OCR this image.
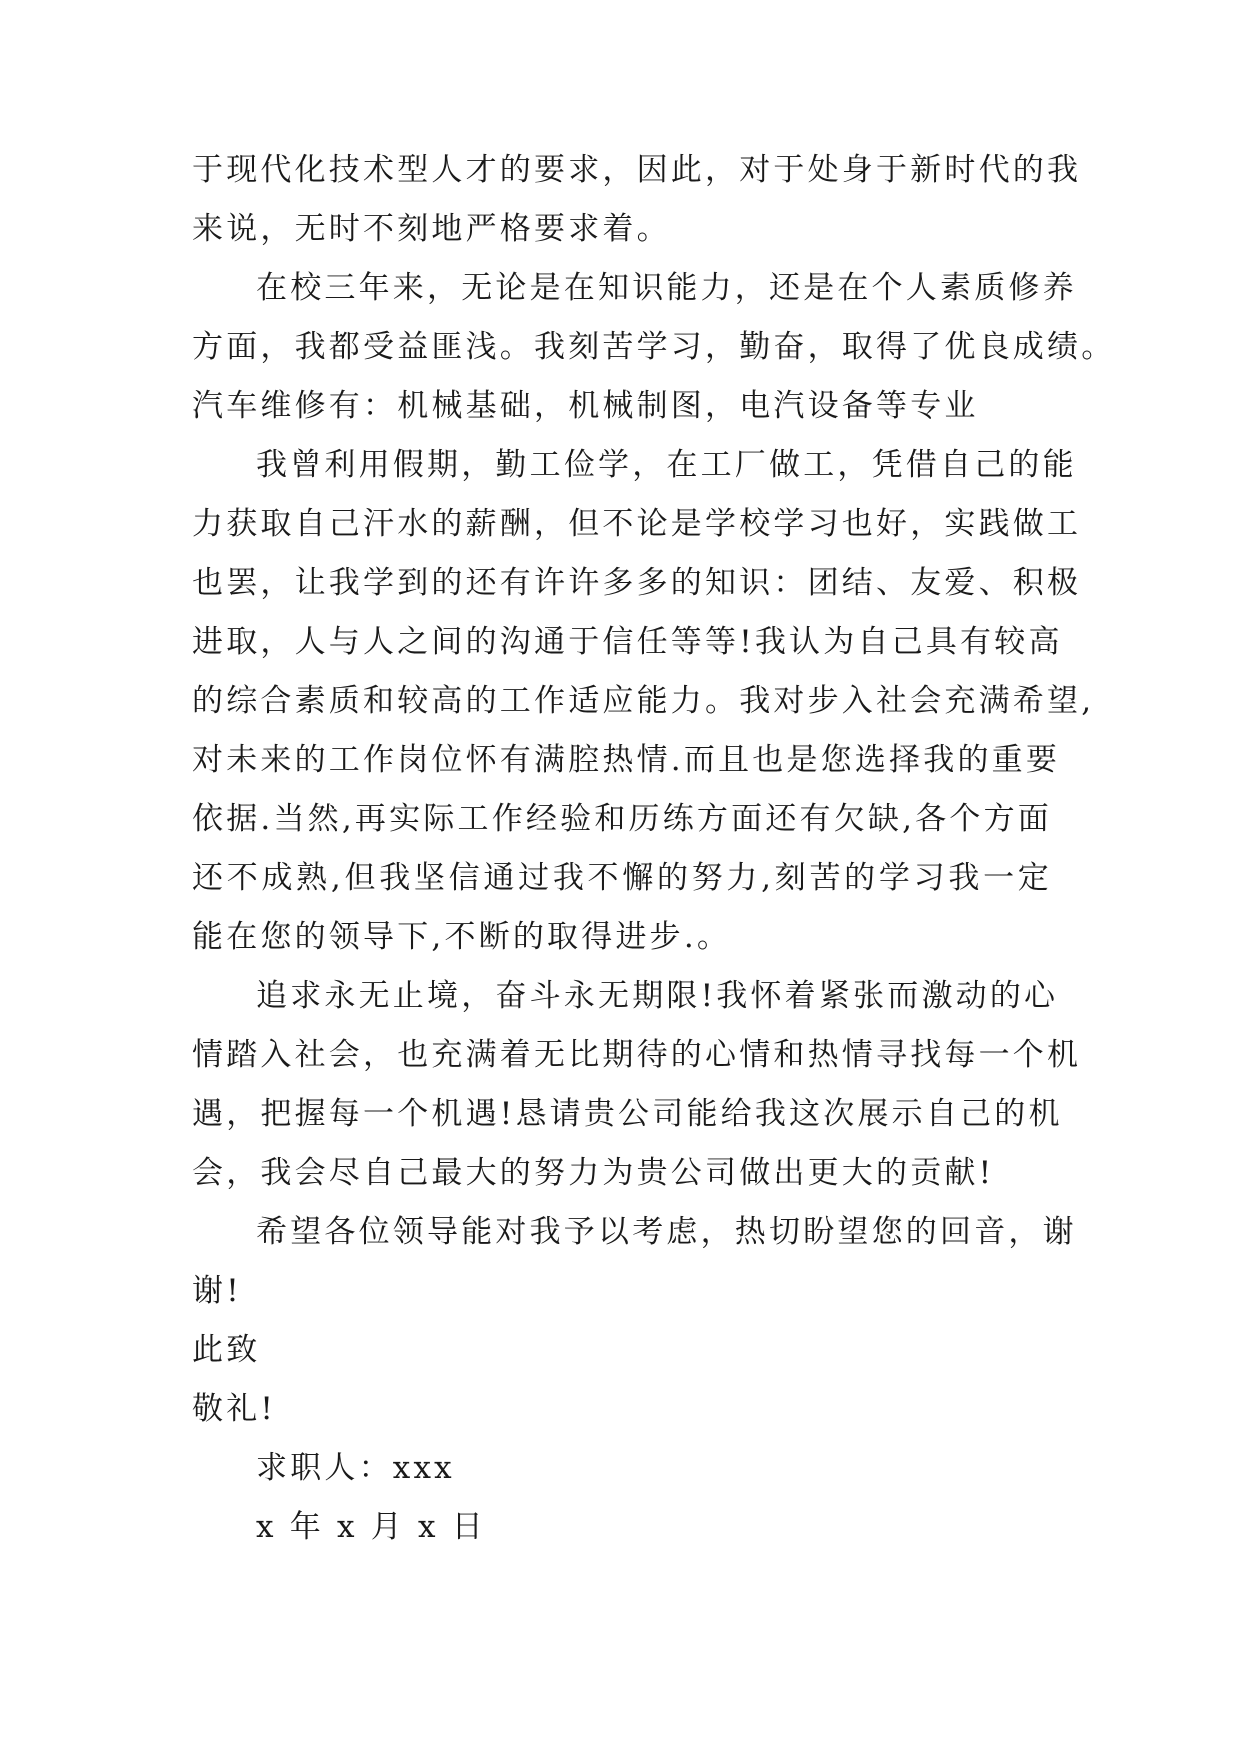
于现代化技术型人才的要求，因此，对于处身于新时代的我
来说，无时不刻地严格要求着。
在校三年来，无论是在知识能力，还是在个人素质修养
方面，我都受益匪浅。我刻苦学习，勤奋，取得了优良成绩。
汽车维修有：机械基础，机械制图，电汽设备等专业
我曾利用假期，勤工俭学，在工厂做工，凭借自己的能
力获取自己汗水的薪酬，但不论是学校学习也好，实践做工
也罢，让我学到的还有许许多多的知识：团结、友爱、积极
进取，人与人之间的沟通于信任等等!我认为自己具有较高
的综合素质和较高的工作适应能力。我对步入社会充满希望,
对未来的工作岗位怀有满腔热情.而且也是您选择我的重要
依据.当然,再实际工作经验和历练方面还有欠缺,各个方面
还不成熟,但我坚信通过我不懈的努力,刻苦的学习我一定
能在您的领导下,不断的取得进步.。
追求永无止境，奋斗永无期限!我怀着紧张而激动的心
情踏入社会，也充满着无比期待的心情和热情寻找每一个机
遇，把握每一个机遇!恳请贵公司能给我这次展示自己的机
会，我会尽自己最大的努力为贵公司做出更大的贡献!
希望各位领导能对我予以考虑，热切盼望您的回音，谢
谢!
此致
敬礼!
求职人：xxx
x 年 x 月 x 日
